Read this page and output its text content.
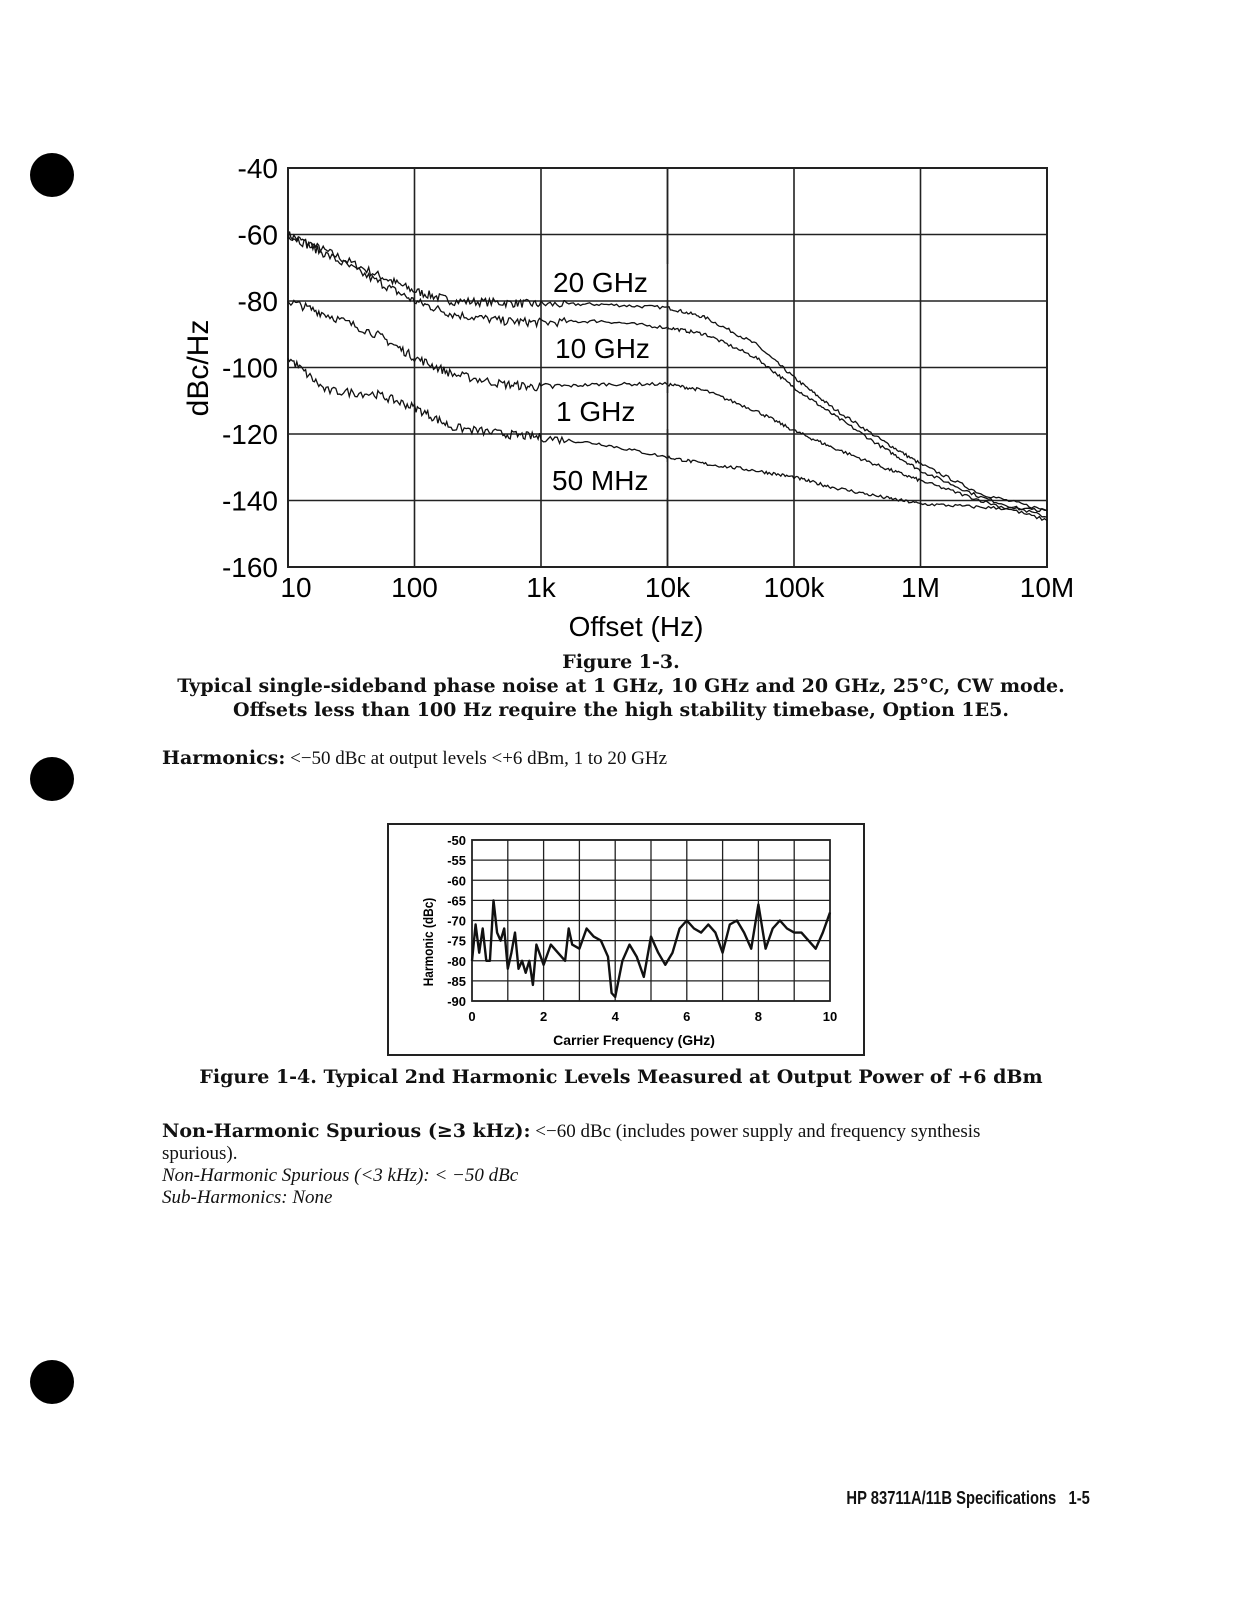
-40
-60
-80
-100
-120
-140
-160
10	100	1k	10k	100k	1M	10M
20 GHz
10 GHz
1 GHz
50 MHz
dBc/Hz
Offset (Hz)
Figure 1-3.
Typical single-sideband phase noise at 1 GHz, 10 GHz and 20 GHz, 25°C, CW mode.
Offsets less than 100 Hz require the high stability timebase, Option 1E5.
Harmonics: <−50 dBc at output levels <+6 dBm, 1 to 20 GHz
-50
-55
-60
-65
-70
-75
-80
-85
-90
0	2	4	6	8	10
Harmonic (dBc)
Carrier Frequency (GHz)
Figure 1-4. Typical 2nd Harmonic Levels Measured at Output Power of +6 dBm
Non-Harmonic Spurious (≥3 kHz): <−60 dBc (includes power supply and frequency synthesis
spurious).
Non-Harmonic Spurious (<3 kHz): < −50 dBc
Sub-Harmonics: None
HP 83711A/11B Specifications 1-5
